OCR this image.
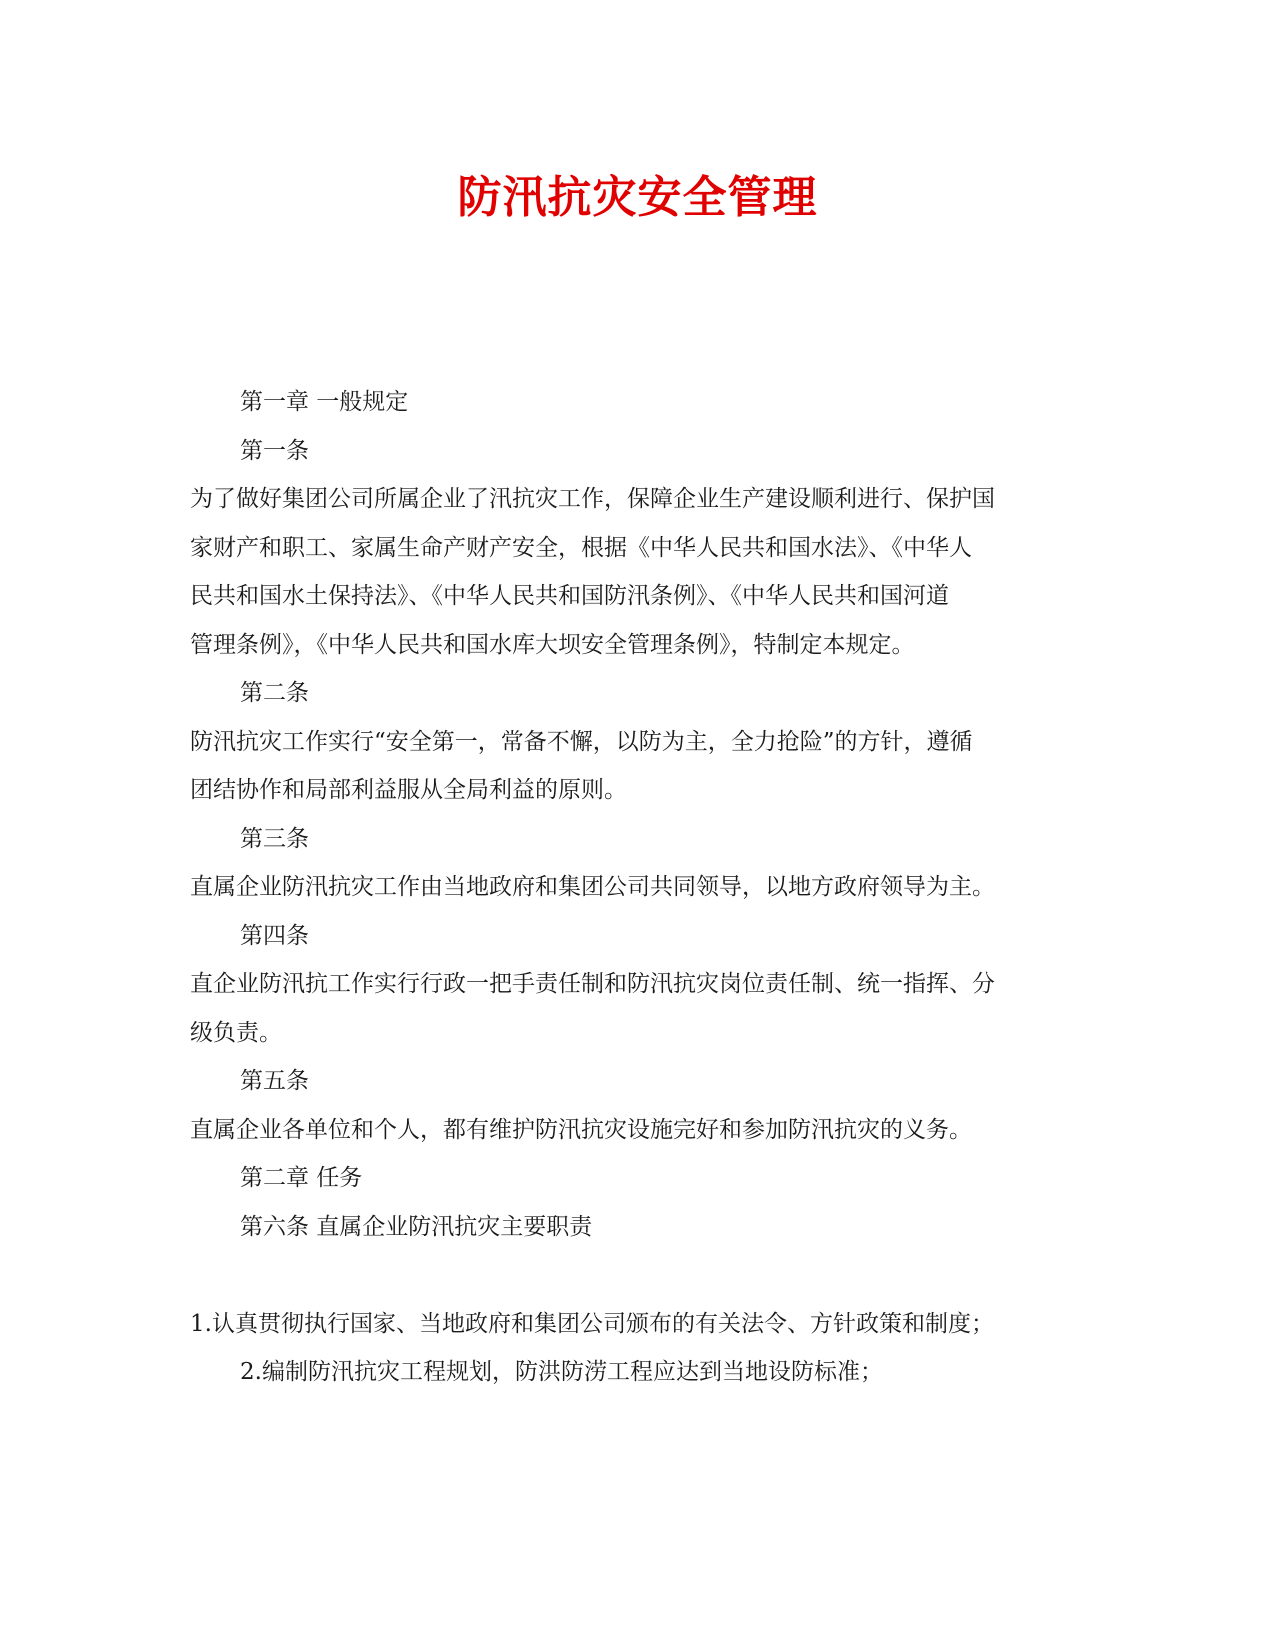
防汛抗灾安全管理

第一章 一般规定

第一条

为了做好集团公司所属企业了汛抗灾工作，保障企业生产建设顺利进行、保护国

家财产和职工、家属生命产财产安全，根据《中华人民共和国水法》、《中华人

民共和国水土保持法》、《中华人民共和国防汛条例》、《中华人民共和国河道

管理条例》，《中华人民共和国水库大坝安全管理条例》，特制定本规定。

第二条

防汛抗灾工作实行“安全第一，常备不懈，以防为主，全力抢险”的方针，遵循

团结协作和局部利益服从全局利益的原则。

第三条

直属企业防汛抗灾工作由当地政府和集团公司共同领导，以地方政府领导为主。

第四条

直企业防汛抗工作实行行政一把手责任制和防汛抗灾岗位责任制、统一指挥、分

级负责。

第五条

直属企业各单位和个人，都有维护防汛抗灾设施完好和参加防汛抗灾的义务。

第二章 任务

第六条 直属企业防汛抗灾主要职责

1.认真贯彻执行国家、当地政府和集团公司颁布的有关法令、方针政策和制度；

2.编制防汛抗灾工程规划，防洪防涝工程应达到当地设防标准；
